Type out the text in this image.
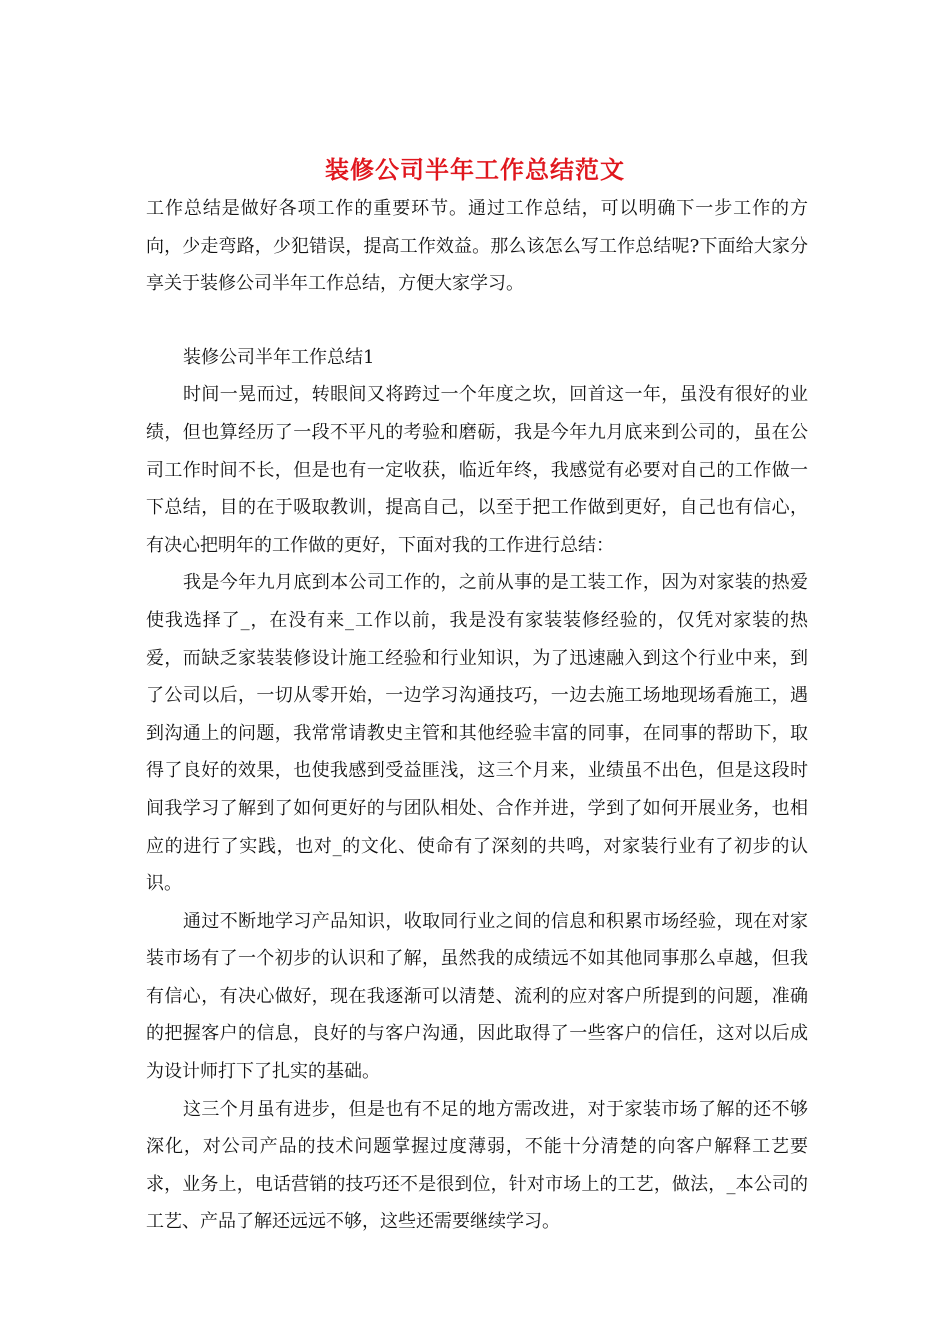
装修公司半年工作总结范文

工作总结是做好各项工作的重要环节。通过工作总结，可以明确下一步工作的方向，少走弯路，少犯错误，提高工作效益。那么该怎么写工作总结呢?下面给大家分享关于装修公司半年工作总结，方便大家学习。

装修公司半年工作总结1

时间一晃而过，转眼间又将跨过一个年度之坎，回首这一年，虽没有很好的业绩，但也算经历了一段不平凡的考验和磨砺，我是今年九月底来到公司的，虽在公司工作时间不长，但是也有一定收获，临近年终，我感觉有必要对自己的工作做一下总结，目的在于吸取教训，提高自己，以至于把工作做到更好，自己也有信心，有决心把明年的工作做的更好，下面对我的工作进行总结：

我是今年九月底到本公司工作的，之前从事的是工装工作，因为对家装的热爱使我选择了_，在没有来_工作以前，我是没有家装装修经验的，仅凭对家装的热爱，而缺乏家装装修设计施工经验和行业知识，为了迅速融入到这个行业中来，到了公司以后，一切从零开始，一边学习沟通技巧，一边去施工场地现场看施工，遇到沟通上的问题，我常常请教史主管和其他经验丰富的同事，在同事的帮助下，取得了良好的效果，也使我感到受益匪浅，这三个月来，业绩虽不出色，但是这段时间我学习了解到了如何更好的与团队相处、合作并进，学到了如何开展业务，也相应的进行了实践，也对_的文化、使命有了深刻的共鸣，对家装行业有了初步的认识。

通过不断地学习产品知识，收取同行业之间的信息和积累市场经验，现在对家装市场有了一个初步的认识和了解，虽然我的成绩远不如其他同事那么卓越，但我有信心，有决心做好，现在我逐渐可以清楚、流利的应对客户所提到的问题，准确的把握客户的信息，良好的与客户沟通，因此取得了一些客户的信任，这对以后成为设计师打下了扎实的基础。

这三个月虽有进步，但是也有不足的地方需改进，对于家装市场了解的还不够深化，对公司产品的技术问题掌握过度薄弱，不能十分清楚的向客户解释工艺要求，业务上，电话营销的技巧还不是很到位，针对市场上的工艺，做法，_本公司的工艺、产品了解还远远不够，这些还需要继续学习。
